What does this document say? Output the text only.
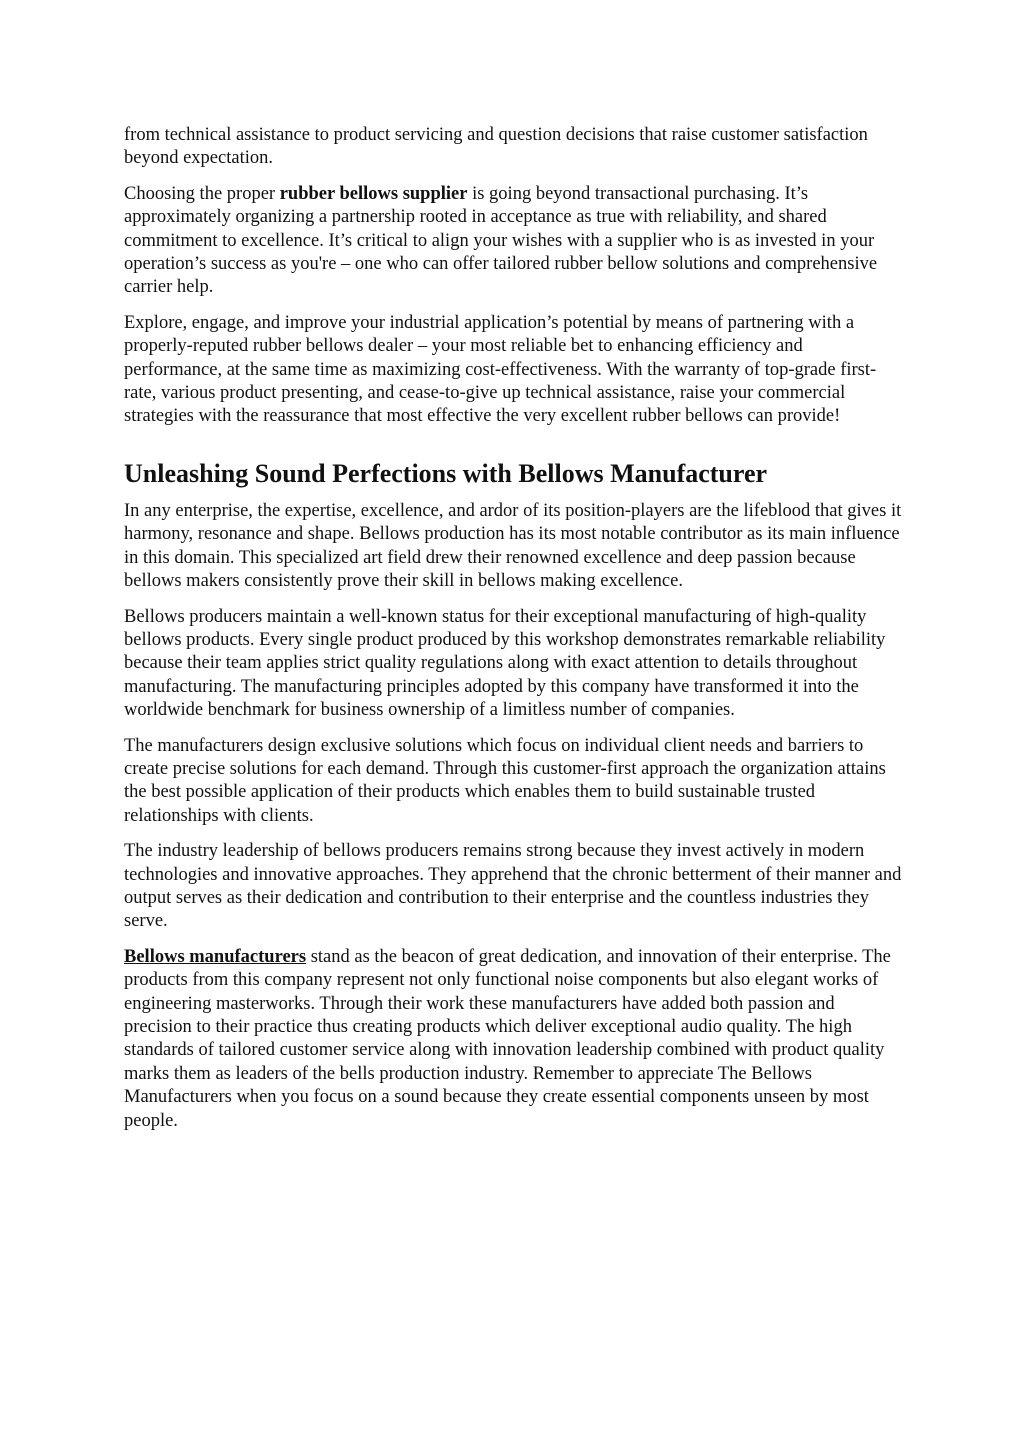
from technical assistance to product servicing and question decisions that raise customer satisfaction beyond expectation.

Choosing the proper rubber bellows supplier is going beyond transactional purchasing. It’s approximately organizing a partnership rooted in acceptance as true with reliability, and shared commitment to excellence. It’s critical to align your wishes with a supplier who is as invested in your operation’s success as you're – one who can offer tailored rubber bellow solutions and comprehensive carrier help.

Explore, engage, and improve your industrial application’s potential by means of partnering with a properly-reputed rubber bellows dealer – your most reliable bet to enhancing efficiency and performance, at the same time as maximizing cost-effectiveness. With the warranty of top-grade first-rate, various product presenting, and cease-to-give up technical assistance, raise your commercial strategies with the reassurance that most effective the very excellent rubber bellows can provide!

Unleashing Sound Perfections with Bellows Manufacturer

In any enterprise, the expertise, excellence, and ardor of its position-players are the lifeblood that gives it harmony, resonance and shape. Bellows production has its most notable contributor as its main influence in this domain. This specialized art field drew their renowned excellence and deep passion because bellows makers consistently prove their skill in bellows making excellence.

Bellows producers maintain a well-known status for their exceptional manufacturing of high-quality bellows products. Every single product produced by this workshop demonstrates remarkable reliability because their team applies strict quality regulations along with exact attention to details throughout manufacturing. The manufacturing principles adopted by this company have transformed it into the worldwide benchmark for business ownership of a limitless number of companies.

The manufacturers design exclusive solutions which focus on individual client needs and barriers to create precise solutions for each demand. Through this customer-first approach the organization attains the best possible application of their products which enables them to build sustainable trusted relationships with clients.

The industry leadership of bellows producers remains strong because they invest actively in modern technologies and innovative approaches. They apprehend that the chronic betterment of their manner and output serves as their dedication and contribution to their enterprise and the countless industries they serve.

Bellows manufacturers stand as the beacon of great dedication, and innovation of their enterprise. The products from this company represent not only functional noise components but also elegant works of engineering masterworks. Through their work these manufacturers have added both passion and precision to their practice thus creating products which deliver exceptional audio quality. The high standards of tailored customer service along with innovation leadership combined with product quality marks them as leaders of the bells production industry. Remember to appreciate The Bellows Manufacturers when you focus on a sound because they create essential components unseen by most people.
